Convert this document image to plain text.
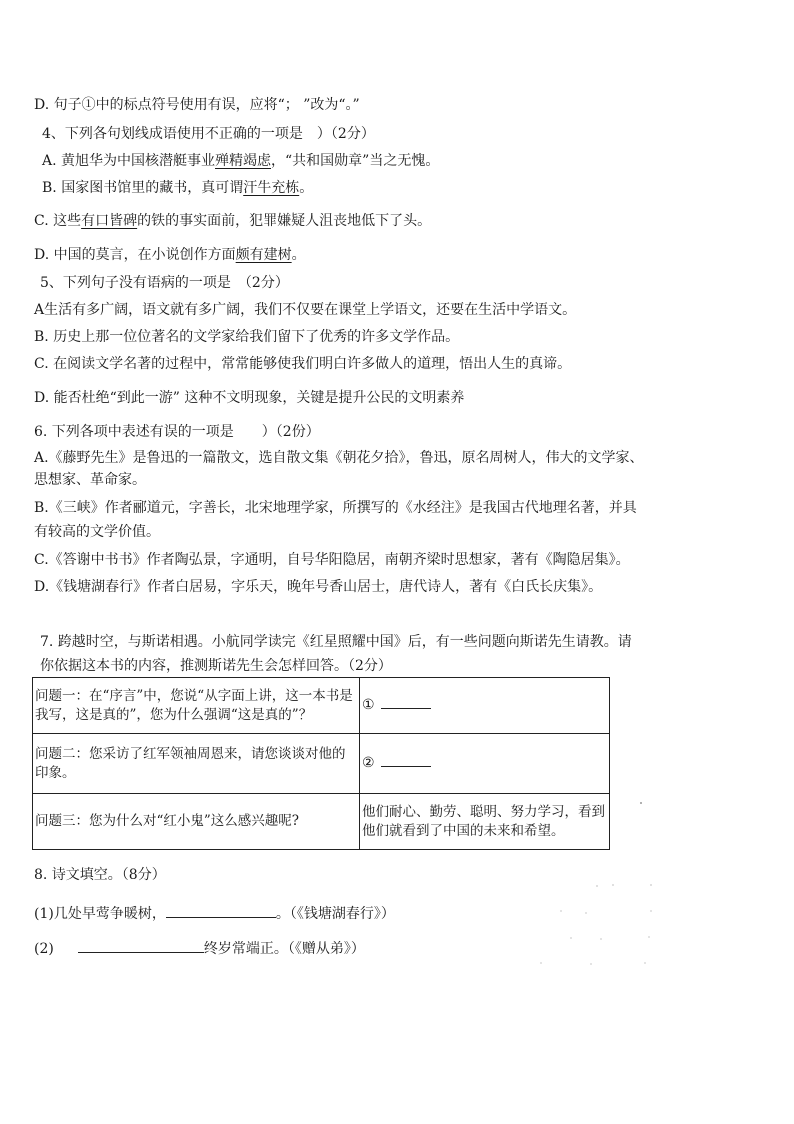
D. 句子①中的标点符号使用有误，应将“； ”改为“。”
4、下列各句划线成语使用不正确的一项是　）（2分）
A. 黄旭华为中国核潜艇事业殚精竭虑，“共和国勋章”当之无愧。
B. 国家图书馆里的藏书，真可谓汗牛充栋。
C. 这些有口皆碑的铁的事实面前，犯罪嫌疑人沮丧地低下了头。
D. 中国的莫言，在小说创作方面颇有建树。
5、下列句子没有语病的一项是　（2分）
A生活有多广阔，语文就有多广阔，我们不仅要在课堂上学语文，还要在生活中学语文。
B. 历史上那一位位著名的文学家给我们留下了优秀的许多文学作品。
C. 在阅读文学名著的过程中，常常能够使我们明白许多做人的道理，悟出人生的真谛。
D. 能否杜绝“到此一游” 这种不文明现象，关键是提升公民的文明素养
6. 下列各项中表述有误的一项是　　）（2份）
A.《藤野先生》是鲁迅的一篇散文，选自散文集《朝花夕拾》，鲁迅，原名周树人，伟大的文学家、
思想家、革命家。
B.《三峡》作者郦道元，字善长，北宋地理学家，所撰写的《水经注》是我国古代地理名著，并具
有较高的文学价值。
C.《答谢中书书》作者陶弘景，字通明，自号华阳隐居，南朝齐梁时思想家，著有《陶隐居集》。
D.《钱塘湖春行》作者白居易，字乐天，晚年号香山居士，唐代诗人，著有《白氏长庆集》。
7. 跨越时空，与斯诺相遇。小航同学读完《红星照耀中国》后，有一些问题向斯诺先生请教。请
你依据这本书的内容，推测斯诺先生会怎样回答。（2分）
问题一：在“序言”中，您说“从字面上讲，这一本书是我写，这是真的”，您为什么强调“这是真的”？	①
问题二：您采访了红军领袖周恩来，请您谈谈对他的印象。	②
问题三：您为什么对“红小鬼”这么感兴趣呢?	他们耐心、勤劳、聪明、努力学习，看到他们就看到了中国的未来和希望。
8. 诗文填空。（8分）
(1)几处早莺争暖树，	。（《钱塘湖春行》）
(2)	终岁常端正。（《赠从弟》）
